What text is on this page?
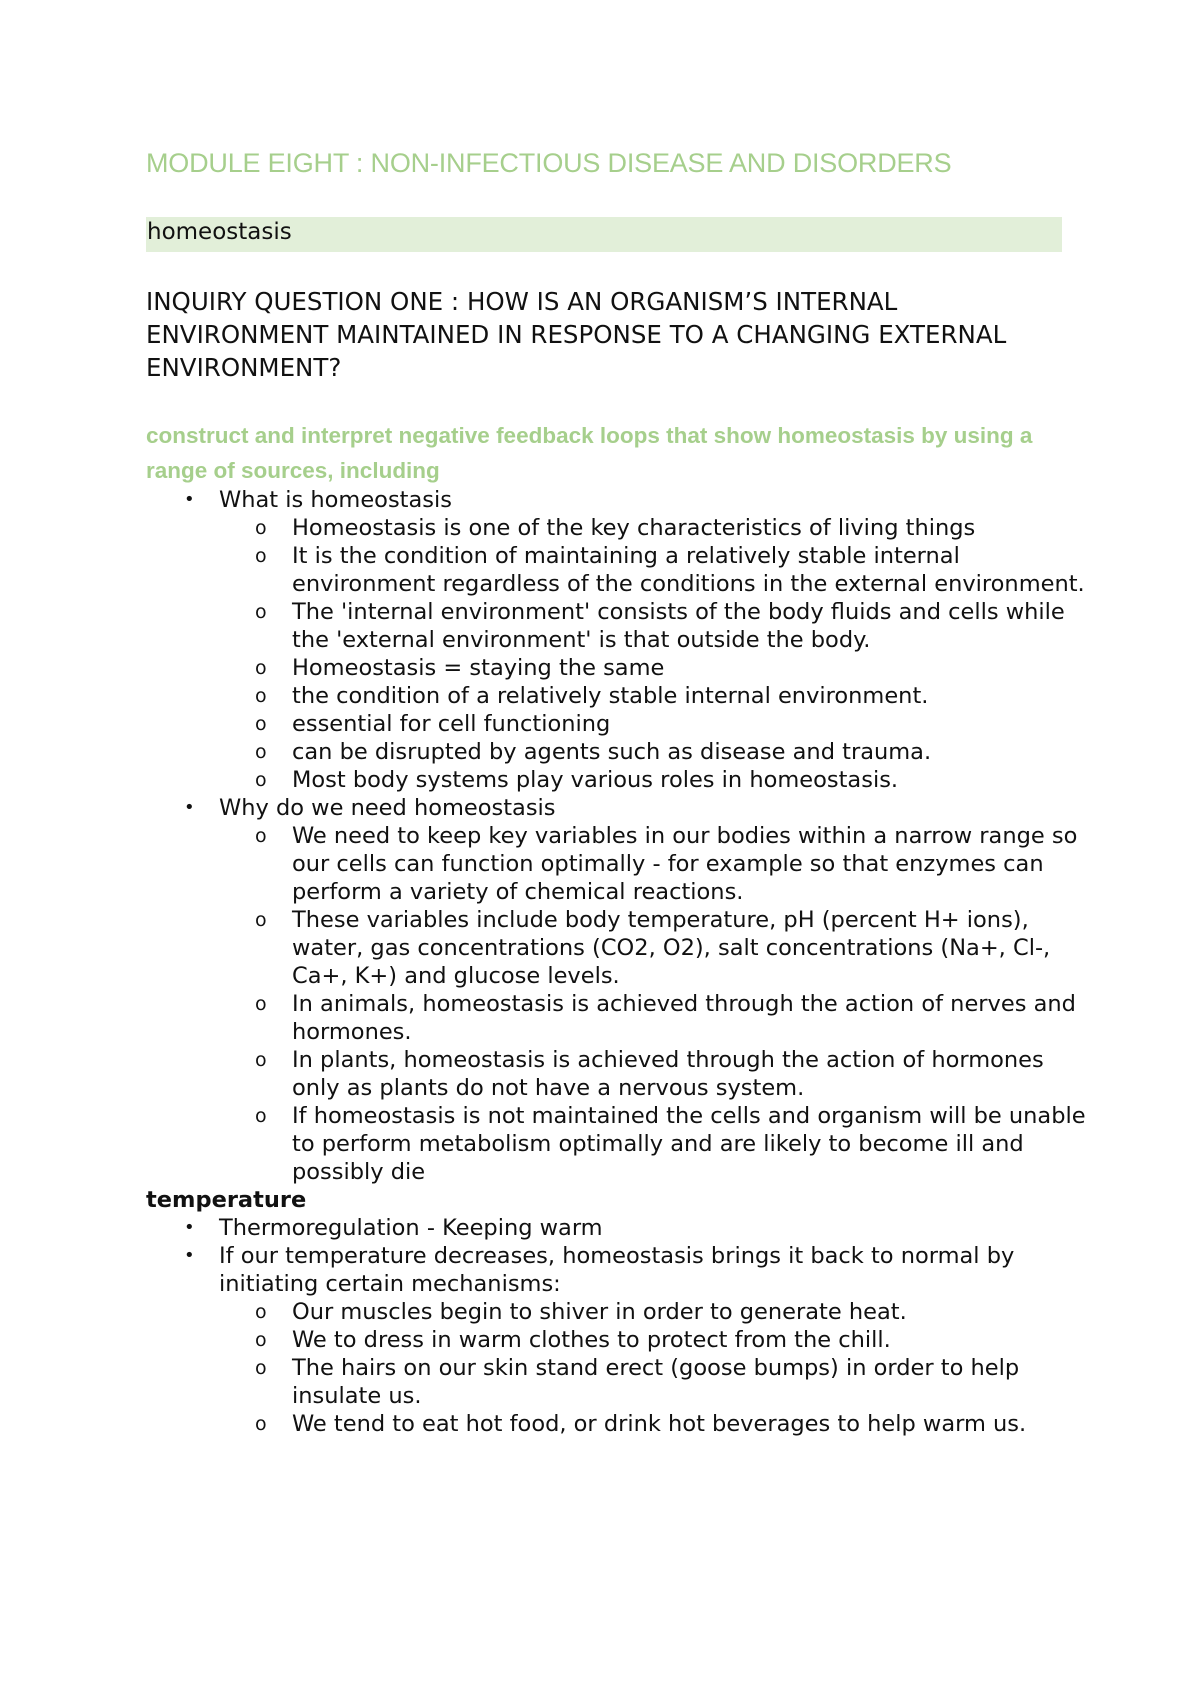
MODULE EIGHT : NON-INFECTIOUS DISEASE AND DISORDERS
homeostasis
INQUIRY QUESTION ONE : HOW IS AN ORGANISM’S INTERNAL ENVIRONMENT MAINTAINED IN RESPONSE TO A CHANGING EXTERNAL ENVIRONMENT?
construct and interpret negative feedback loops that show homeostasis by using a range of sources, including
• What is homeostasis
o Homeostasis is one of the key characteristics of living things
o It is the condition of maintaining a relatively stable internal environment regardless of the conditions in the external environment.
o The 'internal environment' consists of the body fluids and cells while the 'external environment' is that outside the body.
o Homeostasis = staying the same
o the condition of a relatively stable internal environment.
o essential for cell functioning
o can be disrupted by agents such as disease and trauma.
o Most body systems play various roles in homeostasis.
• Why do we need homeostasis
o We need to keep key variables in our bodies within a narrow range so our cells can function optimally - for example so that enzymes can perform a variety of chemical reactions.
o These variables include body temperature, pH (percent H+ ions), water, gas concentrations (CO2, O2), salt concentrations (Na+, Cl-, Ca+, K+) and glucose levels.
o In animals, homeostasis is achieved through the action of nerves and hormones.
o In plants, homeostasis is achieved through the action of hormones only as plants do not have a nervous system.
o If homeostasis is not maintained the cells and organism will be unable to perform metabolism optimally and are likely to become ill and possibly die
temperature
• Thermoregulation - Keeping warm
• If our temperature decreases, homeostasis brings it back to normal by initiating certain mechanisms:
o Our muscles begin to shiver in order to generate heat.
o We to dress in warm clothes to protect from the chill.
o The hairs on our skin stand erect (goose bumps) in order to help insulate us.
o We tend to eat hot food, or drink hot beverages to help warm us.
